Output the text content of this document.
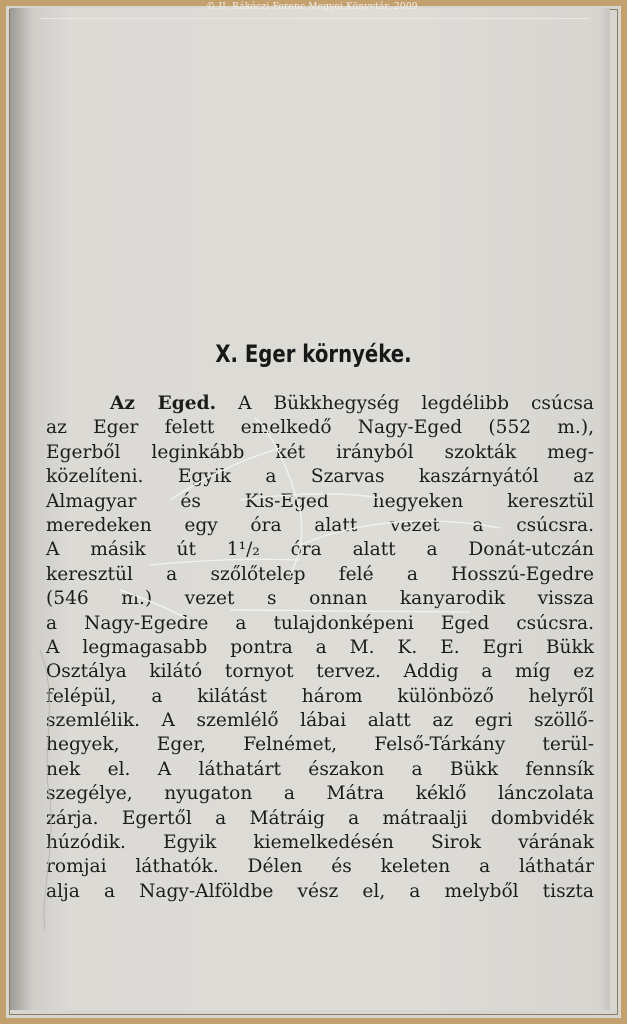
© II. Rákóczi Ferenc Megyei Könyvtár, 2009.
X. Eger környéke.
Az Eged. A Bükkhegység legdélibb csúcsa
az Eger felett emelkedő Nagy-Eged (552 m.),
Egerből leginkább két irányból szokták meg-
közelíteni. Egyik a Szarvas kaszárnyától az
Almagyar és Kis-Eged hegyeken keresztül
meredeken egy óra alatt vezet a csúcsra.
A másik út 1¹/₂ óra alatt a Donát-utczán
keresztül a szőlőtelep felé a Hosszú-Egedre
(546 m.) vezet s onnan kanyarodik vissza
a Nagy-Egedre a tulajdonképeni Eged csúcsra.
A legmagasabb pontra a M. K. E. Egri Bükk
Osztálya kilátó tornyot tervez. Addig a míg ez
felépül, a kilátást három különböző helyről
szemlélik. A szemlélő lábai alatt az egri szöllő-
hegyek, Eger, Felnémet, Felső-Tárkány terül-
nek el. A láthatárt északon a Bükk fennsík
szegélye, nyugaton a Mátra kéklő lánczolata
zárja. Egertől a Mátráig a mátraalji dombvidék
húzódik. Egyik kiemelkedésén Sirok várának
romjai láthatók. Délen és keleten a láthatár
alja a Nagy-Alföldbe vész el, a melyből tiszta
